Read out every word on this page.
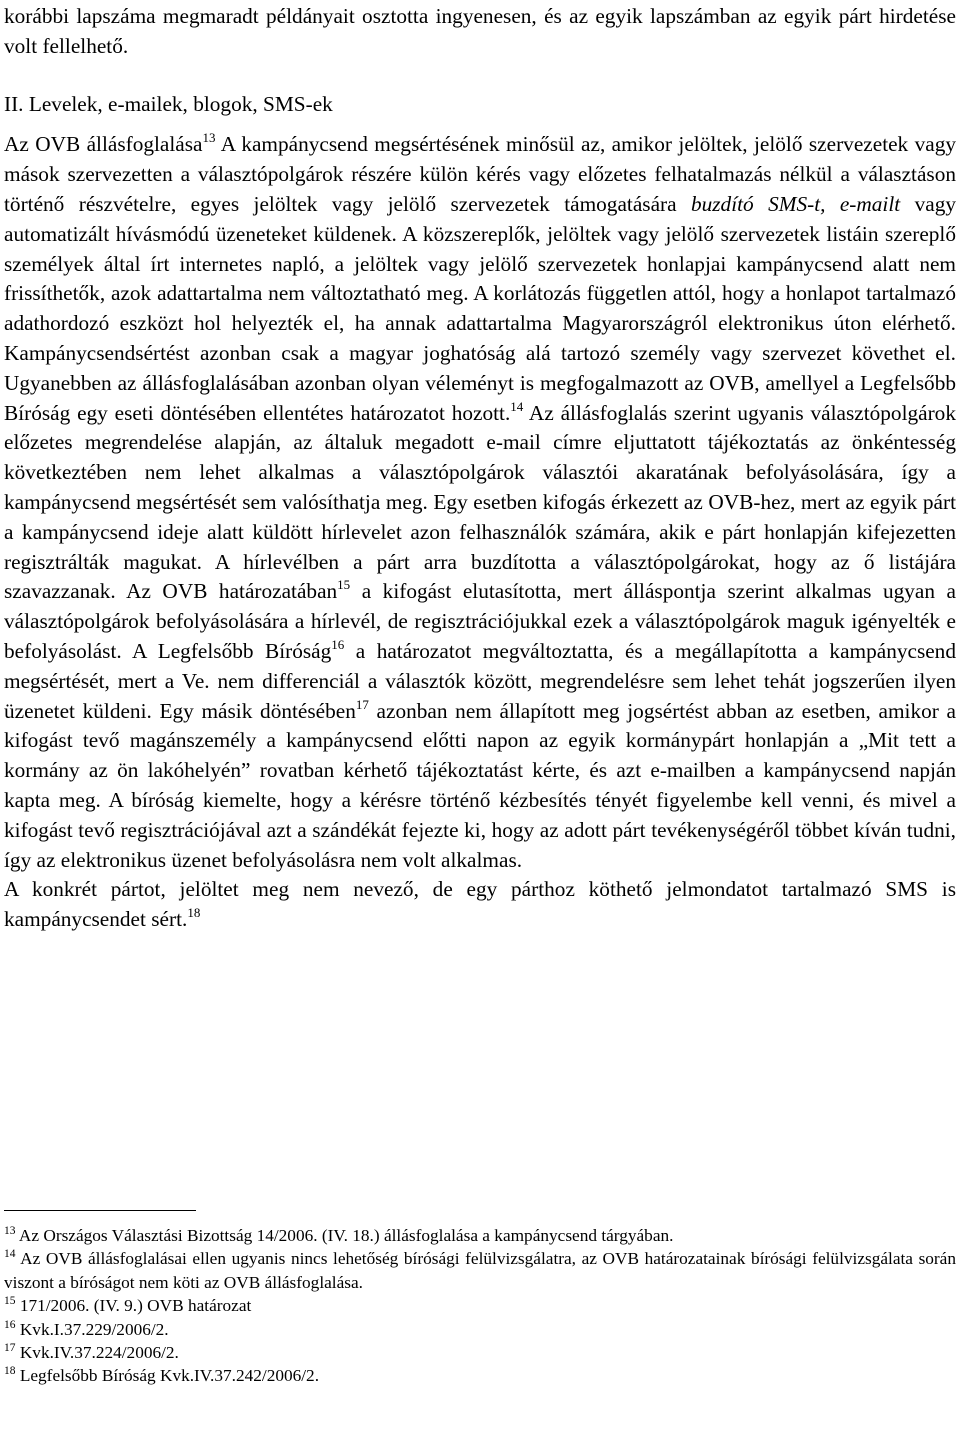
korábbi lapszáma megmaradt példányait osztotta ingyenesen, és az egyik lapszámban az egyik párt hirdetése volt fellelhető.

II. Levelek, e-mailek, blogok, SMS-ek

Az OVB állásfoglalása$^{13}$ A kampánycsend megsértésének minősül az, amikor jelöltek, jelölő szervezetek vagy mások szervezetten a választópolgárok részére külön kérés vagy előzetes felhatalmazás nélkül a választáson történő részvételre, egyes jelöltek vagy jelölő szervezetek támogatására buzdító SMS-t, e-mailt vagy automatizált hívásmódú üzeneteket küldenek. A közszereplők, jelöltek vagy jelölő szervezetek listáin szereplő személyek által írt internetes napló, a jelöltek vagy jelölő szervezetek honlapjai kampánycsend alatt nem frissíthetők, azok adattartalma nem változtatható meg. A korlátozás független attól, hogy a honlapot tartalmazó adathordozó eszközt hol helyezték el, ha annak adattartalma Magyarországról elektronikus úton elérhető. Kampánycsendsértést azonban csak a magyar joghatóság alá tartozó személy vagy szervezet követhet el. Ugyanebben az állásfoglalásában azonban olyan véleményt is megfogalmazott az OVB, amellyel a Legfelsőbb Bíróság egy eseti döntésében ellentétes határozatot hozott.$^{14}$ Az állásfoglalás szerint ugyanis választópolgárok előzetes megrendelése alapján, az általuk megadott e-mail címre eljuttatott tájékoztatás az önkéntesség következtében nem lehet alkalmas a választópolgárok választói akaratának befolyásolására, így a kampánycsend megsértését sem valósíthatja meg. Egy esetben kifogás érkezett az OVB-hez, mert az egyik párt a kampánycsend ideje alatt küldött hírlevelet azon felhasználók számára, akik e párt honlapján kifejezetten regisztrálták magukat. A hírlevélben a párt arra buzdította a választópolgárokat, hogy az ő listájára szavazzanak. Az OVB határozatában$^{15}$ a kifogást elutasította, mert álláspontja szerint alkalmas ugyan a választópolgárok befolyásolására a hírlevél, de regisztrációjukkal ezek a választópolgárok maguk igényelték e befolyásolást. A Legfelsőbb Bíróság$^{16}$ a határozatot megváltoztatta, és a megállapította a kampánycsend megsértését, mert a Ve. nem differenciál a választók között, megrendelésre sem lehet tehát jogszerűen ilyen üzenetet küldeni. Egy másik döntésében$^{17}$ azonban nem állapított meg jogsértést abban az esetben, amikor a kifogást tevő magánszemély a kampánycsend előtti napon az egyik kormánypárt honlapján a „Mit tett a kormány az ön lakóhelyén” rovatban kérhető tájékoztatást kérte, és azt e-mailben a kampánycsend napján kapta meg. A bíróság kiemelte, hogy a kérésre történő kézbesítés tényét figyelembe kell venni, és mivel a kifogást tevő regisztrációjával azt a szándékát fejezte ki, hogy az adott párt tevékenységéről többet kíván tudni, így az elektronikus üzenet befolyásolásra nem volt alkalmas.

A konkrét pártot, jelöltet meg nem nevező, de egy párthoz köthető jelmondatot tartalmazó SMS is kampánycsendet sért.$^{18}$

$^{13}$ Az Országos Választási Bizottság 14/2006. (IV. 18.) állásfoglalása a kampánycsend tárgyában.

$^{14}$ Az OVB állásfoglalásai ellen ugyanis nincs lehetőség bírósági felülvizsgálatra, az OVB határozatainak bírósági felülvizsgálata során viszont a bíróságot nem köti az OVB állásfoglalása.

$^{15}$ 171/2006. (IV. 9.) OVB határozat

$^{16}$ Kvk.I.37.229/2006/2.

$^{17}$ Kvk.IV.37.224/2006/2.

$^{18}$ Legfelsőbb Bíróság Kvk.IV.37.242/2006/2.
